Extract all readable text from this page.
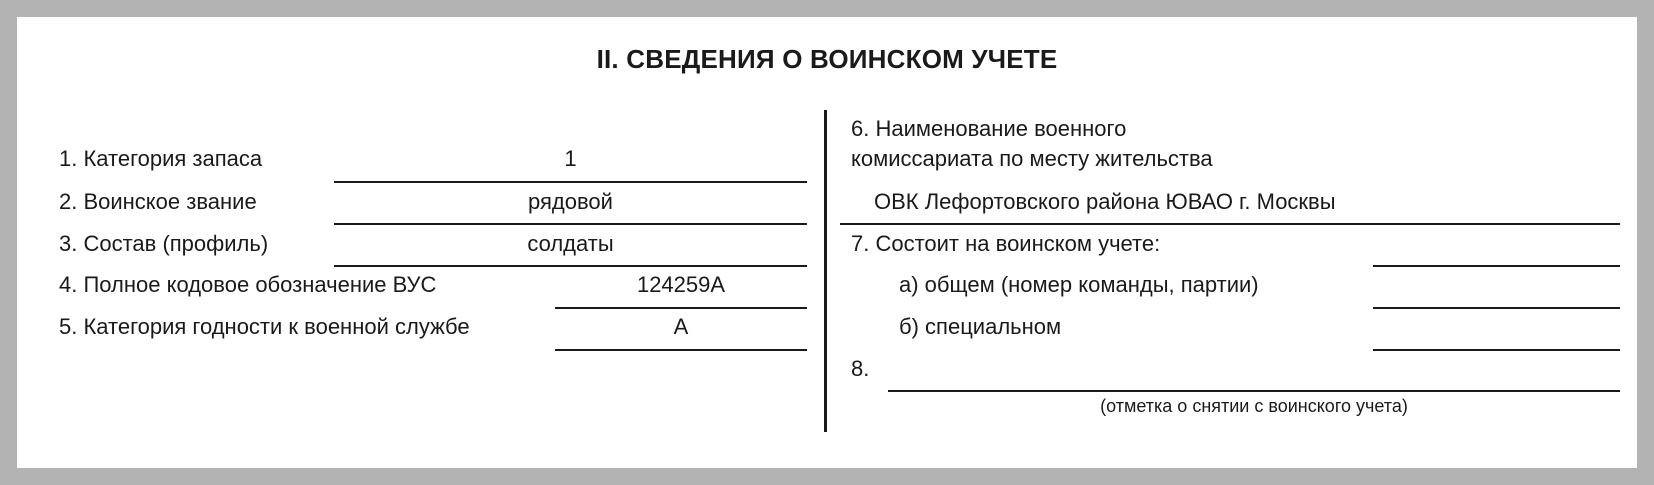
II. СВЕДЕНИЯ О ВОИНСКОМ УЧЕТЕ
1. Категория запаса	1
2. Воинское звание	рядовой
3. Состав (профиль)	солдаты
4. Полное кодовое обозначение ВУС	124259А
5. Категория годности к военной службе	А
6. Наименование военного
комиссариата по месту жительства
ОВК Лефортовского района ЮВАО г. Москвы
7. Состоит на воинском учете:
а) общем (номер команды, партии)
б) специальном
8.
(отметка о снятии с воинского учета)
